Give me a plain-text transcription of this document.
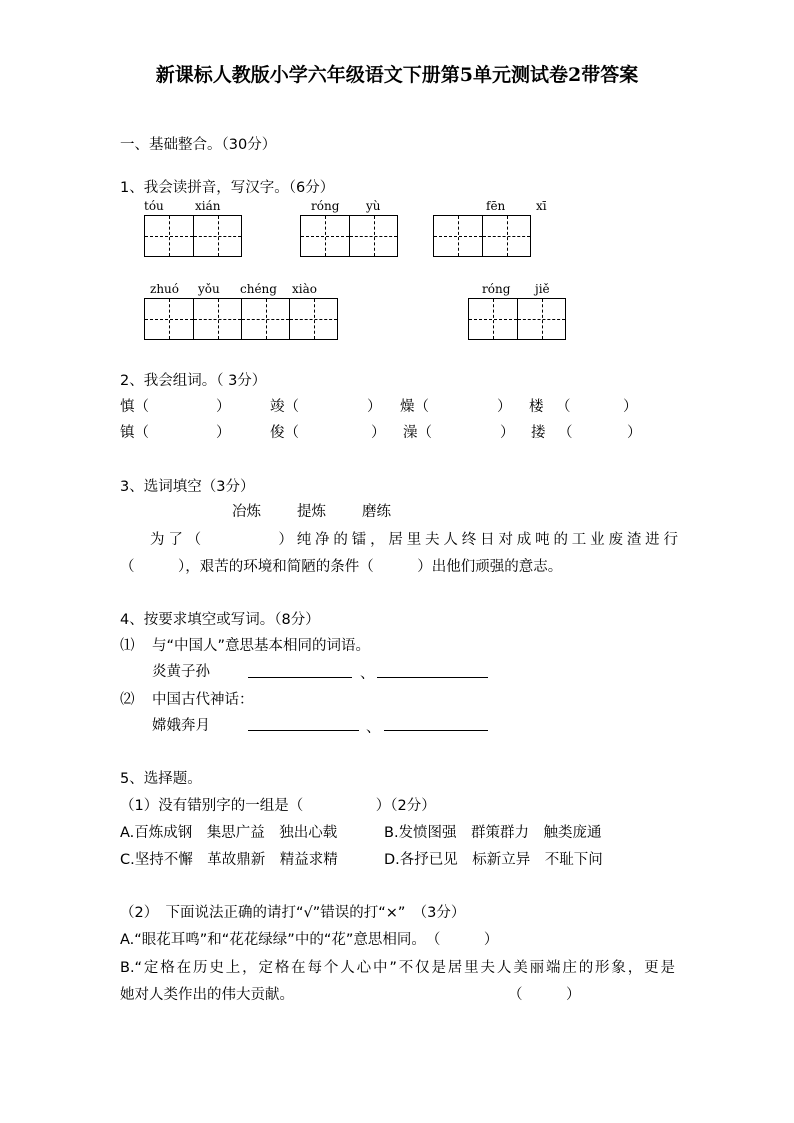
新课标人教版小学六年级语文下册第5单元测试卷2带答案
一、基础整合。（30分）
1、我会读拼音，写汉字。（6分）
tóu	xián	róng yù	fēn	xī
zhuó yǒu chéng xiào	róng jiě
2、我会组词。（ 3分）
慎（	）	竣（	） 燥（	） 楼 （	）
镇（	）	俊（	） 澡（	） 搂 （	）
3、选词填空（3分）
冶炼 提炼 磨练
为了（　　　　）纯净的镭，居里夫人终日对成吨的工业废渣进行
（　　　），艰苦的环境和简陋的条件（　　　）出他们顽强的意志。
4、按要求填空或写词。（8分）
⑴ 与“中国人”意思基本相同的词语。
炎黄子孙	、
⑵ 中国古代神话：
嫦娥奔月	、
5、选择题。
（1）没有错别字的一组是（　　　　　）（2分）
A.百炼成钢　集思广益　独出心载	B.发愤图强　群策群力　触类庞通
C.坚持不懈　革故鼎新　精益求精	D.各抒已见　标新立异　不耻下问
（2）　下面说法正确的请打“√”错误的打“×”　（3分）
A.“眼花耳鸣”和“花花绿绿”中的“花”意思相同。　（　　　）
B.“定格在历史上，定格在每个人心中”不仅是居里夫人美丽端庄的形象，更是
她对人类作出的伟大贡献。	（　　　）
